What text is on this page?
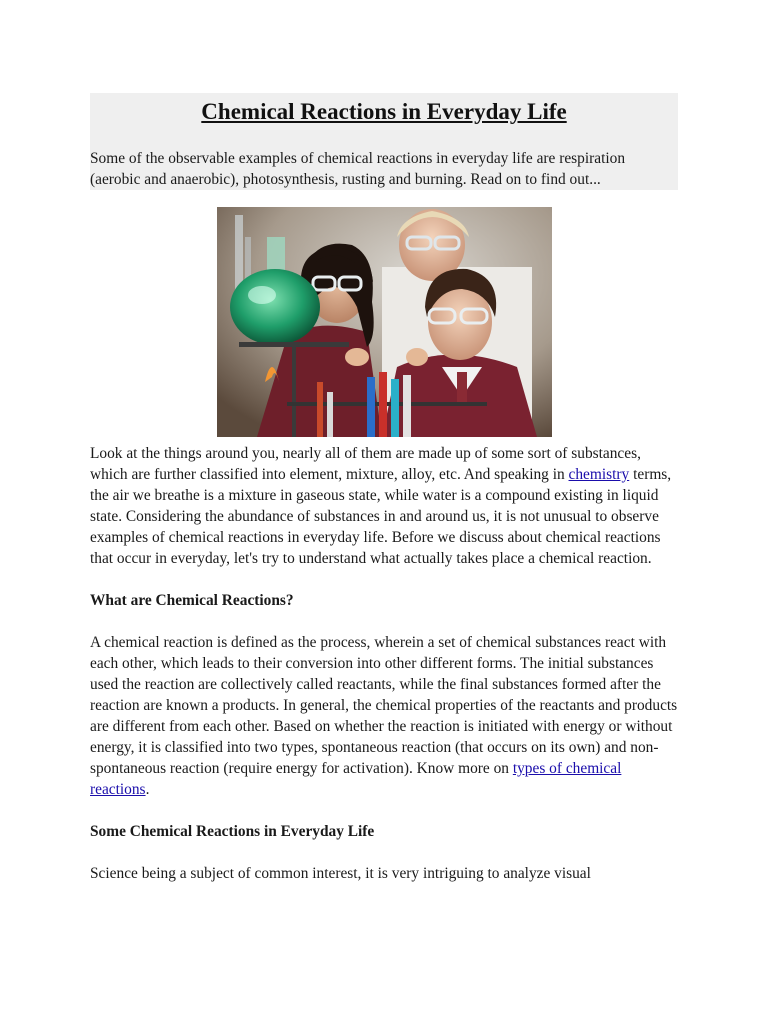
Chemical Reactions in Everyday Life

Some of the observable examples of chemical reactions in everyday life are respiration (aerobic and anaerobic), photosynthesis, rusting and burning. Read on to find out...

Look at the things around you, nearly all of them are made up of some sort of substances, which are further classified into element, mixture, alloy, etc. And speaking in chemistry terms, the air we breathe is a mixture in gaseous state, while water is a compound existing in liquid state. Considering the abundance of substances in and around us, it is not unusual to observe examples of chemical reactions in everyday life. Before we discuss about chemical reactions that occur in everyday, let's try to understand what actually takes place a chemical reaction.

What are Chemical Reactions?

A chemical reaction is defined as the process, wherein a set of chemical substances react with each other, which leads to their conversion into other different forms. The initial substances used the reaction are collectively called reactants, while the final substances formed after the reaction are known a products. In general, the chemical properties of the reactants and products are different from each other. Based on whether the reaction is initiated with energy or without energy, it is classified into two types, spontaneous reaction (that occurs on its own) and non-spontaneous reaction (require energy for activation). Know more on types of chemical reactions.

Some Chemical Reactions in Everyday Life

Science being a subject of common interest, it is very intriguing to analyze visual
